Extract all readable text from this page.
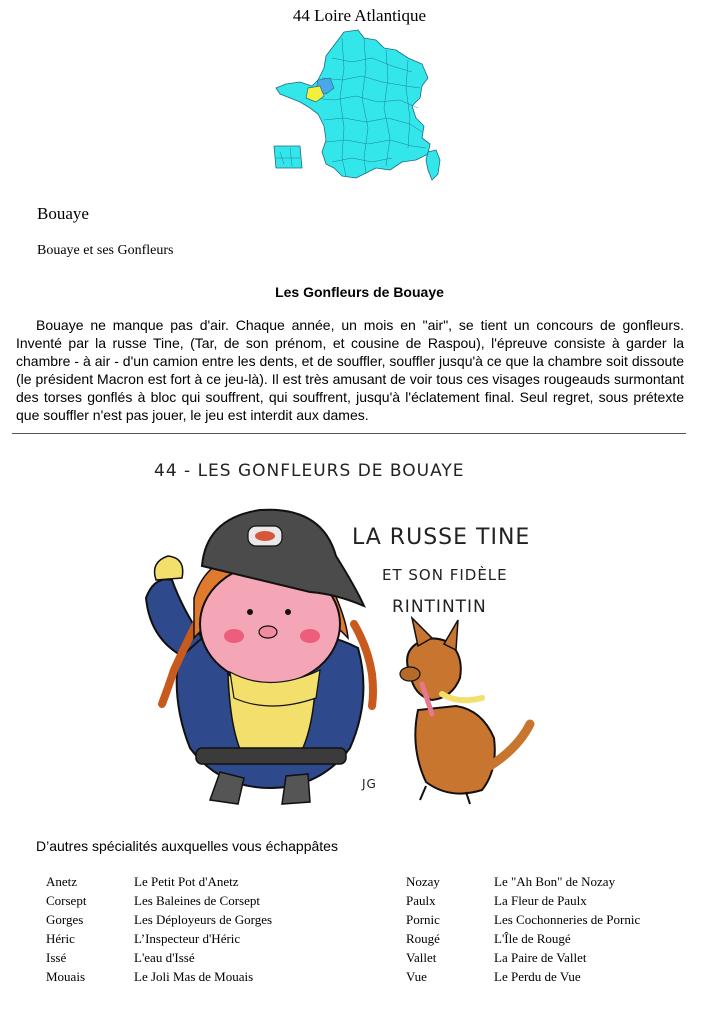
44 Loire Atlantique
Bouaye
Bouaye et ses Gonfleurs
Les Gonfleurs de Bouaye

Bouaye ne manque pas d'air. Chaque année, un mois en "air", se tient un concours de gonfleurs. Inventé par la russe Tine, (Tar, de son prénom, et cousine de Raspou), l'épreuve consiste à garder la chambre - à air - d'un camion entre les dents, et de souffler, souffler jusqu'à ce que la chambre soit dissoute (le président Macron est fort à ce jeu-là). Il est très amusant de voir tous ces visages rougeauds surmontant des torses gonflés à bloc qui souffrent, qui souffrent, jusqu'à l'éclatement final. Seul regret, sous prétexte que souffler n'est pas jouer, le jeu est interdit aux dames.

44 - LES GONFLEURS DE BOUAYE
LA RUSSE TINE
ET SON FIDÈLE
RINTINTIN
JG
D’autres spécialités auxquelles vous échappâtes
Anetz	Le Petit Pot d'Anetz
Corsept	Les Baleines de Corsept
Gorges	Les Déployeurs de Gorges
Héric	L’Inspecteur d'Héric
Issé	L'eau d'Issé
Mouais	Le Joli Mas de Mouais
Nozay	Le "Ah Bon" de Nozay
Paulx	La Fleur de Paulx
Pornic	Les Cochonneries de Pornic
Rougé	L'Île de Rougé
Vallet	La Paire de Vallet
Vue	Le Perdu de Vue
